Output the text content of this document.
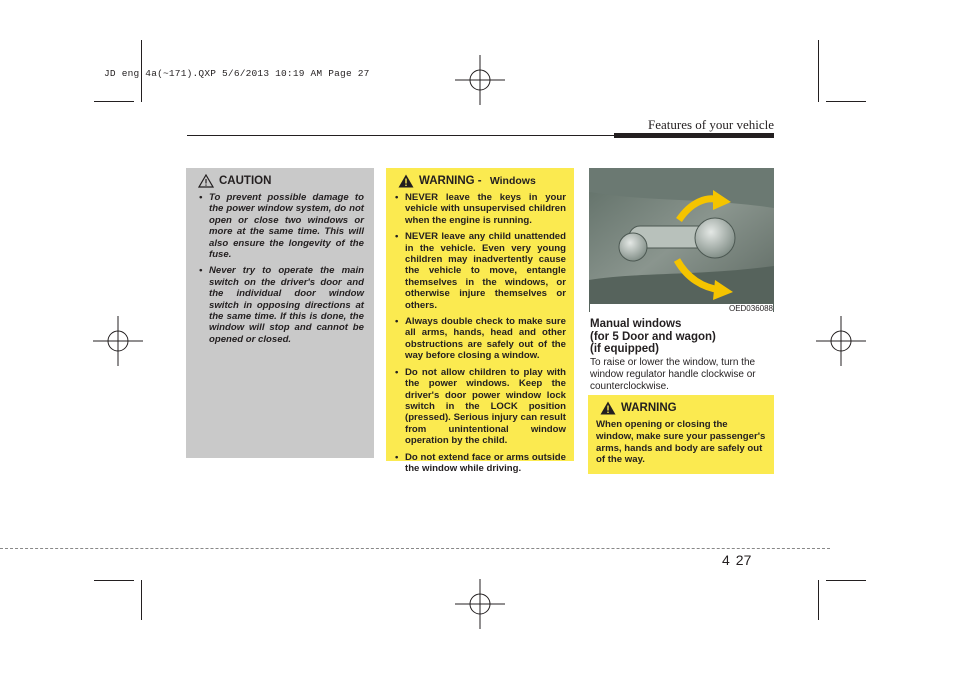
JD eng 4a(~171).QXP 5/6/2013 10:19 AM Page 27
Features of your vehicle
CAUTION
• To prevent possible damage to the power window system, do not open or close two windows or more at the same time. This will also ensure the longevity of the fuse.
• Never try to operate the main switch on the driver's door and the individual door window switch in opposing directions at the same time. If this is done, the window will stop and cannot be opened or closed.
WARNING - Windows
• NEVER leave the keys in your vehicle with unsupervised children when the engine is running.
• NEVER leave any child unattended in the vehicle. Even very young children may inadvertently cause the vehicle to move, entangle themselves in the windows, or otherwise injure themselves or others.
• Always double check to make sure all arms, hands, head and other obstructions are safely out of the way before closing a window.
• Do not allow children to play with the power windows. Keep the driver's door power window lock switch in the LOCK position (pressed). Serious injury can result from unintentional window operation by the child.
• Do not extend face or arms outside the window while driving.
OED036088
Manual windows
(for 5 Door and wagon)
(if equipped)
To raise or lower the window, turn the window regulator handle clockwise or counterclockwise.
WARNING
When opening or closing the window, make sure your passenger's arms, hands and body are safely out of the way.
4 27
